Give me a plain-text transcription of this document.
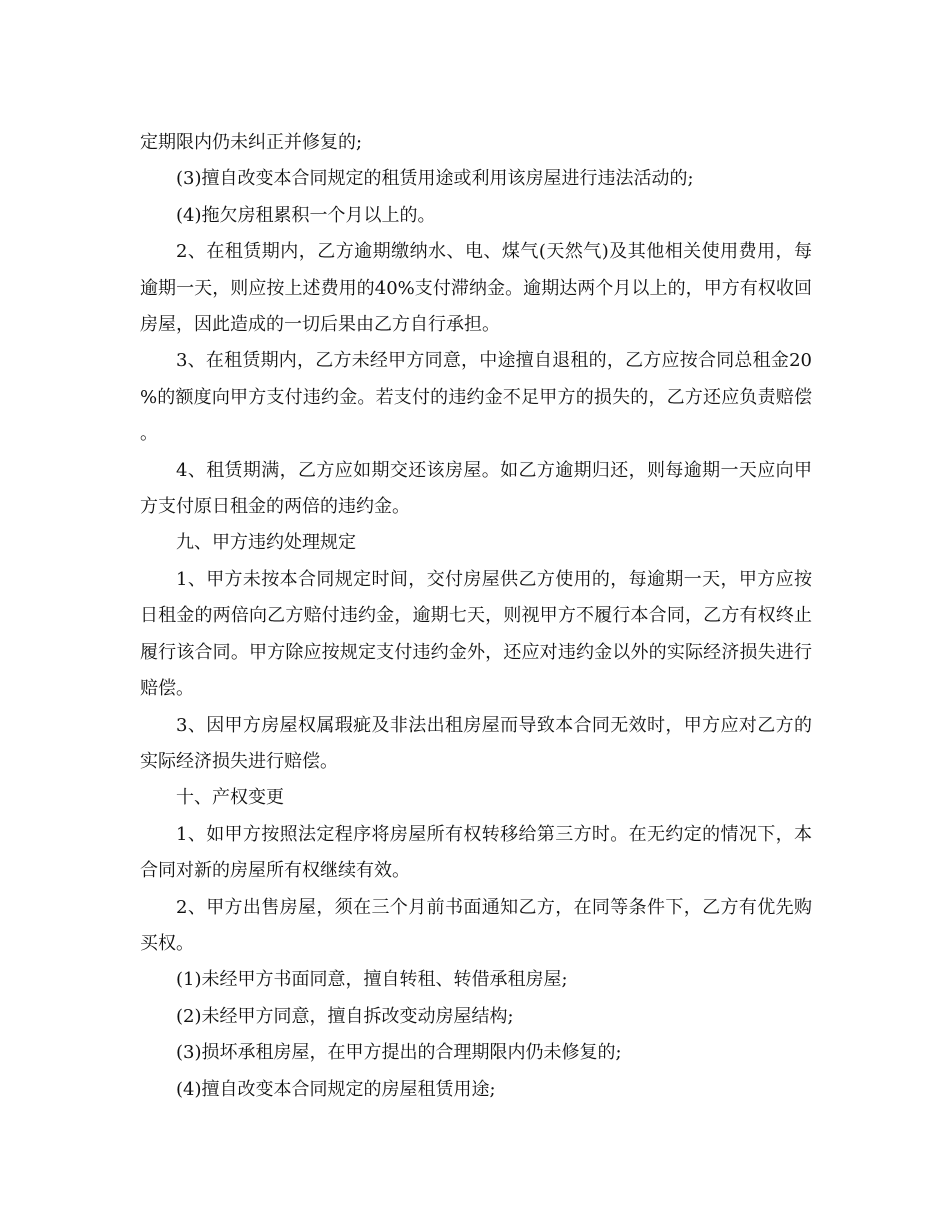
定期限内仍未纠正并修复的;

(3)擅自改变本合同规定的租赁用途或利用该房屋进行违法活动的;

(4)拖欠房租累积一个月以上的。

2、在租赁期内，乙方逾期缴纳水、电、煤气(天然气)及其他相关使用费用，每逾期一天，则应按上述费用的40%支付滞纳金。逾期达两个月以上的，甲方有权收回房屋，因此造成的一切后果由乙方自行承担。

3、在租赁期内，乙方未经甲方同意，中途擅自退租的，乙方应按合同总租金20%的额度向甲方支付违约金。若支付的违约金不足甲方的损失的，乙方还应负责赔偿。

4、租赁期满，乙方应如期交还该房屋。如乙方逾期归还，则每逾期一天应向甲方支付原日租金的两倍的违约金。

九、甲方违约处理规定

1、甲方未按本合同规定时间，交付房屋供乙方使用的，每逾期一天，甲方应按日租金的两倍向乙方赔付违约金，逾期七天，则视甲方不履行本合同，乙方有权终止履行该合同。甲方除应按规定支付违约金外，还应对违约金以外的实际经济损失进行赔偿。

3、因甲方房屋权属瑕疵及非法出租房屋而导致本合同无效时，甲方应对乙方的实际经济损失进行赔偿。

十、产权变更

1、如甲方按照法定程序将房屋所有权转移给第三方时。在无约定的情况下，本合同对新的房屋所有权继续有效。

2、甲方出售房屋，须在三个月前书面通知乙方，在同等条件下，乙方有优先购买权。

(1)未经甲方书面同意，擅自转租、转借承租房屋;

(2)未经甲方同意，擅自拆改变动房屋结构;

(3)损坏承租房屋，在甲方提出的合理期限内仍未修复的;

(4)擅自改变本合同规定的房屋租赁用途;
